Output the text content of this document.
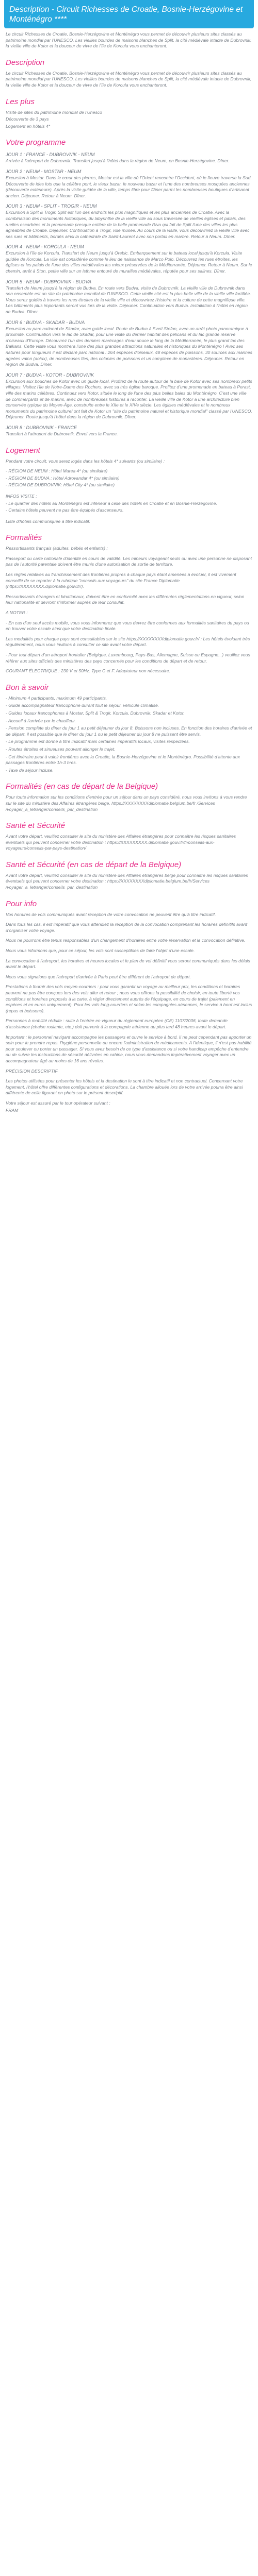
Description - Circuit Richesses de Croatie, Bosnie-Herzégovine et Monténégro ****

Le circuit Richesses de Croatie, Bosnie-Herzégovine et Monténégro vous permet de découvrir plusieurs sites classés au patrimoine mondial par l'UNESCO. Les vieilles bourdes de maisons blanches de Split, la cité médiévale intacte de Dubrovnik, la vieille ville de Kotor et la douceur de vivre de l'île de Korcula vous enchanteront.

Description

Le circuit Richesses de Croatie, Bosnie-Herzégovine et Monténégro vous permet de découvrir plusieurs sites classés au patrimoine mondial par l'UNESCO. Les vieilles bourdes de maisons blanches de Split, la cité médiévale intacte de Dubrovnik, la vieille ville de Kotor et la douceur de vivre de l'île de Korcula vous enchanteront.

Les plus

Visite de sites du patrimoine mondial de l'Unesco

Découverte de 3 pays

Logement en hôtels 4*

Votre programme
JOUR 1 : FRANCE - DUBROVNIK - NEUM

Arrivée à l'aéroport de Dubrovnik. Transfert jusqu'à l'hôtel dans la région de Neum, en Bosnie-Herzégovine. Dîner.

JOUR 2 : NEUM - MOSTAR - NEUM

Excursion à Mostar. Dans le cœur des pierres, Mostar est la ville où l'Orient rencontre l'Occident, où le fleuve traverse la Sud. Découverte de ides lots que la célèbre pont, le vieux bazar, le nouveau bazar et l'une des nombreuses mosquées anciennes (découverte extérieure). Après la visite guidée de la ville, temps libre pour flâner parmi les nombreuses boutiques d'artisanat ancien. Déjeuner. Retour à Neum. Dîner.

JOUR 3 : NEUM - SPLIT - TROGIR - NEUM

Excursion à Split & Trogir. Split est l'un des endroits les plus magnifiques et les plus anciennes de Croatie. Avec la combinaison des monuments historiques, du labyrinthe de la vieille ville au sous traversée de vieilles églises et palais, des ruelles escarbées et la promenade presque entière de la belle promenade Riva qui fait de Split l'une des villes les plus agréables de Croatie. Déjeuner. Continuation à Trogir, ville musée. Au cours de la visite, vous découvrirez la vieille ville avec ses rues et bâtiments, bordés ainsi la cathédrale de Saint-Laurent avec son portail en marbre. Retour à Neum. Dîner.

JOUR 4 : NEUM - KORCULA - NEUM

Excursion à l'île de Korcula. Transfert de Neum jusqu'à Orebic. Embarquement sur le bateau local jusqu'à Korcula. Visite guidée de Korcula. La ville est considérée comme le lieu de naissance de Marco Polo. Découvrez les rues étroites, les églises et les palais de l'une des villes médiévales les mieux préservées de la Méditerranée. Déjeuner. Retour à Neum. Sur le chemin, arrêt à Ston, petite ville sur un isthme entouré de murailles médiévales, réputée pour ses salines. Dîner.

JOUR 5 : NEUM - DUBROVNIK - BUDVA

Transfert de Neum jusqu'à la région de Budva. En route vers Budva, visite de Dubrovnik. La vieille ville de Dubrovnik dans son ensemble est un site du patrimoine mondial de l'UNESCO. Cette vieille cité est la plus belle ville de la vieille ville fortifiée. Vous serez guidés à travers les rues étroites de la vieille ville et découvrirez l'histoire et la culture de cette magnifique ville. Les bâtiments plus importants seront vus lors de la visite. Déjeuner. Continuation vers Budva. Installation à l'hôtel en région de Budva. Dîner.

JOUR 6 : BUDVA - SKADAR - BUDVA

Excursion au parc national de Skadar, avec guide local. Route de Budva à Sveti Stefan, avec un arrêt photo panoramique à proximité. Continuation vers le lac de Skadar, pour une visite du dernier habitat des pélicans et du lac grande réserve d'oiseaux d'Europe. Découvrez l'un des derniers marécages d'eau douce le long de la Méditerranée, le plus grand lac des Balkans. Cette visite vous montrera l'une des plus grandes attractions naturelles et historiques du Monténégro ! Avec ses natures pour longueurs il est déclaré parc national : 264 espèces d'oiseaux, 48 espèces de poissons, 30 sources aux marines ageées valon (aoiux), de nombreuses îles, des colonies de poissons et un complexe de monastères. Déjeuner. Retour en région de Budva. Dîner.

JOUR 7 : BUDVA - KOTOR - DUBROVNIK

Excursion aux bouches de Kotor avec un guide local. Profitez de la route autour de la baie de Kotor avec ses nombreux petits villages. Visitez l'île de Notre-Dame des Rochers, avec sa très église baroque. Profitez d'une promenade en bateau à Perast, ville des marins célèbres. Continuez vers Kotor, située le long de l'une des plus belles baies du Monténégro. C'est une ville de commerçants et de marins, avec de nombreuses histoires à raconter. La vieille ville de Kotor a une architecture bien conservée typique du Moyen-Âge, construite entre le XIIe et le XIVe siècle. Les églises médiévales et le nombreux monuments du patrimoine culturel ont fait de Kotor un "site du patrimoine naturel et historique mondial" classé par l'UNESCO. Déjeuner. Route jusqu'à l'hôtel dans la région de Dubrovnik. Dîner.

JOUR 8 : DUBROVNIK - FRANCE

Transfert à l'aéroport de Dubrovnik. Envol vers la France.

Logement

Pendant votre circuit, vous serez logés dans les hôtels 4* suivants (ou similaire) :

- RÉGION DE NEUM : Hôtel Marea 4* (ou similaire)

- RÉGION DE BUDVA : Hôtel Adrovandar 4* (ou similaire)

- RÉGION DE DUBROVNIK: Hôtel City 4* (ou similaire)

INFOS VISITE :

- Le quartier des hôtels au Monténégro est inférieur à celle des hôtels en Croatie et en Bosnie-Herzégovine.

- Certains hôtels peuvent ne pas être équipés d'ascenseurs.

Liste d'hôtels communiquée à titre indicatif.

Formalités

Ressortissants français (adultes, bébés et enfants) :

Passeport ou carte nationale d'identité en cours de validité. Les mineurs voyageant seuls ou avec une personne ne disposant pas de l'autorité parentale doivent être munis d'une autorisation de sortie de territoire.

Les règles relatives au franchissement des frontières propres à chaque pays étant amenées à évoluer, il est vivement conseillé de se reporter à la rubrique "conseils aux voyageurs" du site France Diplomatie (https://XXXXXXXX.diplomatie.gouv.fr/).

Ressortissants étrangers et binationaux, doivent être en conformité avec les différentes réglementations en vigueur, selon leur nationalité et devront s'informer auprès de leur consulat.

A NOTER :

- En cas d'un seul accès mobile, vous vous informerez que vous devrez être conformes aux formalités sanitaires du pays ou en trouver votre escale ainsi que votre destination finale.

Les modalités pour chaque pays sont consultables sur le site https://XXXXXXXXdiplomatie.gouv.fr/ ; Les hôtels évoluant très régulièrement, nous vous invitons à consulter ce site avant votre départ.

- Pour tout départ d'un aéroport frontalier (Belgique, Luxembourg, Pays-Bas, Allemagne, Suisse ou Espagne...) veuillez vous référer aux sites officiels des ministères des pays concernés pour les conditions de départ et de retour.

COURANT ÉLECTRIQUE : 230 V et 50Hz. Type C et F. Adaptateur non nécessaire.

Bon à savoir

- Minimum 4 participants, maximum 49 participants.

- Guide accompagnateur francophone durant tout le séjour, véhicule climatisé.

- Guides locaux francophones à Mostar, Split & Trogir, Korcula, Dubrovnik, Skadar et Kotor.

- Accueil à l'arrivée par le chauffeur.

- Pension complète du dîner du jour 1 au petit déjeuner du jour 8. Boissons non incluses. En fonction des horaires d'arrivée et de départ, il est possible que le dîner du jour 1 ou le petit déjeuner du jour 8 ne puissent être servis.

- Le programme est donné à titre indicatif mais certaines impératifs locaux, visites respectées.

- Routes étroites et sinueuses pouvant allonger le trajet.

- Cet itinéraire peut à valoir frontières avec la Croatie, la Bosnie-Herzégovine et le Monténégro. Possibilité d'attente aux passages frontières entre 1h-3 hres.

- Taxe de séjour incluse.

Formalités (en cas de départ de la Belgique)

Pour toute information sur les conditions d'entrée pour un séjour dans un pays considéré, nous vous invitons à vous rendre sur le site du ministère des Affaires étrangères belge, https://XXXXXXXXdiplomatie.belgium.be/fr /Services /voyager_a_letranger/conseils_par_destination

Santé et Sécurité

Avant votre départ, veuillez consulter le site du ministère des Affaires étrangères pour connaître les risques sanitaires éventuels qui peuvent concerner votre destination : https://XXXXXXXXX.diplomatie.gouv.fr/fr/conseils-aux-voyageurs/conseils-par-pays-destination/

Santé et Sécurité (en cas de départ de la Belgique)

Avant votre départ, veuillez consulter le site du ministère des Affaires étrangères belge pour connaître les risques sanitaires éventuels qui peuvent concerner votre destination : https://XXXXXXXXdiplomatie.belgium.be/fr/Services /voyager_a_letranger/conseils_par_destination

Pour info

Vos horaires de vols communiqués avant réception de votre convocation ne peuvent être qu'à titre indicatif.

Dans tous les cas, il est impératif que vous attendiez la réception de la convocation comprenant les horaires définitifs avant d'organiser votre voyage.

Nous ne pourrons être tenus responsables d'un changement d'horaires entre votre réservation et la convocation définitive.

Nous vous informons que, pour ce séjour, les vols sont susceptibles de faire l'objet d'une escale.

La convocation à l'aéroport, les horaires et heures locales et le plan de vol définitif vous seront communiqués dans les délais avant le départ.

Nous vous signalons que l'aéroport d'arrivée à Paris peut être différent de l'aéroport de départ.

Prestations à fournir des vols moyen-courriers : pour vous garantir un voyage au meilleur prix, les conditions et horaires peuvent ne pas être conçues lors des vols aller et retour ; nous vous offrons la possibilité de choisir, en toute liberté vos conditions et horaires proposés à la carte, à régler directement auprès de l'équipage, en cours de trajet (paiement en espèces et en euros uniquement). Pour les vols long-courriers et selon les compagnies aériennes, le service à bord est inclus (repas et boissons).

Personnes à mobilité réduite : suite à l'entrée en vigueur du règlement européen (CE) 1107/2006, toute demande d'assistance (chaise roulante, etc.) doit parvenir à la compagnie aérienne au plus tard 48 heures avant le départ.

Important : le personnel navigant accompagne les passagers et ouvre le service à bord. Il ne peut cependant pas apporter un soin pour le prendre repas. l'hygiène personnelle ou encore l'administration de médicaments. A l'identique, il n'est pas habilité pour soulever ou porter un passager. Si vous avez besoin de ce type d'assistance ou si votre handicap empêche d'entendre ou de suivre les instructions de sécurité délivrées en cabine, nous vous demandons impérativement voyager avec un accompagnateur âgé au moins de 16 ans révolus.

PRÉCISION DESCRIPTIF

Les photos utilisées pour présenter les hôtels et la destination le sont à titre indicatif et non contractuel. Concernant votre logement, l'hôtel offre différentes configurations et décorations. La chambre allouée lors de votre arrivée pourra être ainsi différente de celle figurant en photo sur le présent descriptif.

Votre séjour est assuré par le tour opérateur suivant :

FRAM
